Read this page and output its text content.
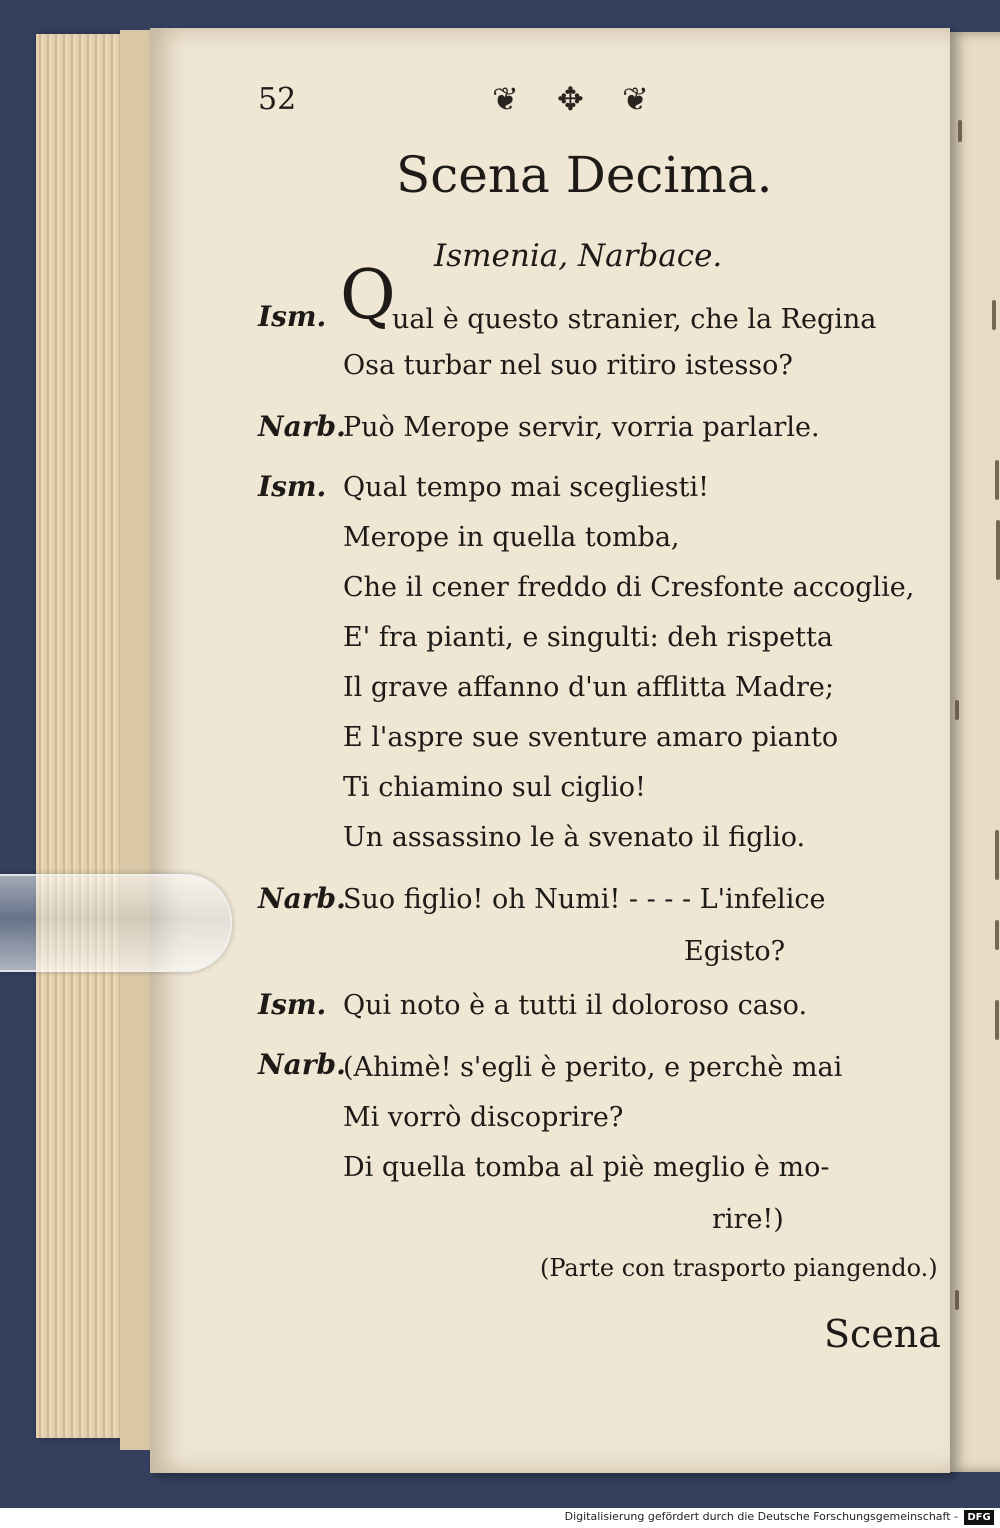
52	❦ ✥ ❦
Scena Decima.
Ismenia, Narbace.
Ism. Q
ual è questo stranier, che la Regina
Osa turbar nel suo ritiro istesso?
Narb.
Può Merope servir, vorria parlarle.
Ism. Qual tempo mai scegliesti!
Merope in quella tomba,
Che il cener freddo di Cresfonte accoglie,
E' fra pianti, e singulti: deh rispetta
Il grave affanno d'un afflitta Madre;
E l'aspre sue sventure amaro pianto
Ti chiamino sul ciglio!
Un assassino le à svenato il figlio.
Narb.
Suo figlio! oh Numi! - - - - L'infelice
Egisto?
Ism. Qui noto è a tutti il doloroso caso.
Narb.
(Ahimè! s'egli è perito, e perchè mai
Mi vorrò discoprire?
Di quella tomba al piè meglio è mo-
rire!)
(Parte con trasporto piangendo.)
Scena
Digitalisierung gefördert durch die Deutsche Forschungsgemeinschaft - DFG
